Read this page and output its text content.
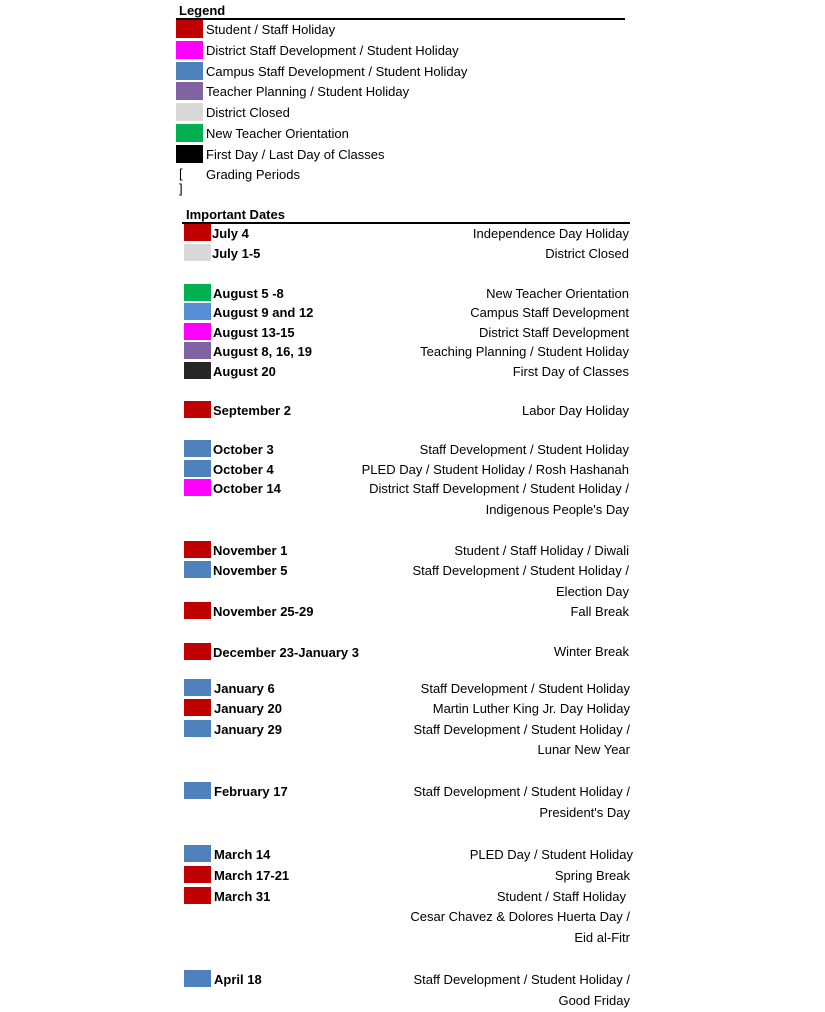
Legend
Student / Staff Holiday
District Staff Development / Student Holiday
Campus Staff Development / Student Holiday
Teacher Planning / Student Holiday
District Closed
New Teacher Orientation
First Day / Last Day of Classes
[ ]
Grading Periods
Important Dates
July 4	Independence Day Holiday
July 1-5	District Closed
August 5 -8	New Teacher Orientation
August 9 and 12	Campus Staff Development
August 13-15	District Staff Development
August 8, 16, 19	Teaching Planning / Student Holiday
August 20	First Day of Classes
September 2	Labor Day Holiday
October 3	Staff Development / Student Holiday
October 4	PLED Day / Student Holiday / Rosh Hashanah
October 14	District Staff Development / Student Holiday /
Indigenous People's Day
November 1	Student / Staff Holiday / Diwali
November 5	Staff Development / Student Holiday /
Election Day
November 25-29	Fall Break
December 23-January 3	Winter Break
January 6	Staff Development / Student Holiday
January 20	Martin Luther King Jr. Day Holiday
January 29	Staff Development / Student Holiday /
Lunar New Year
February 17	Staff Development / Student Holiday /
President's Day
March 14	PLED Day / Student Holiday
March 17-21	Spring Break
March 31	Student / Staff Holiday
Cesar Chavez & Dolores Huerta Day /
Eid al-Fitr
April 18	Staff Development / Student Holiday /
Good Friday
